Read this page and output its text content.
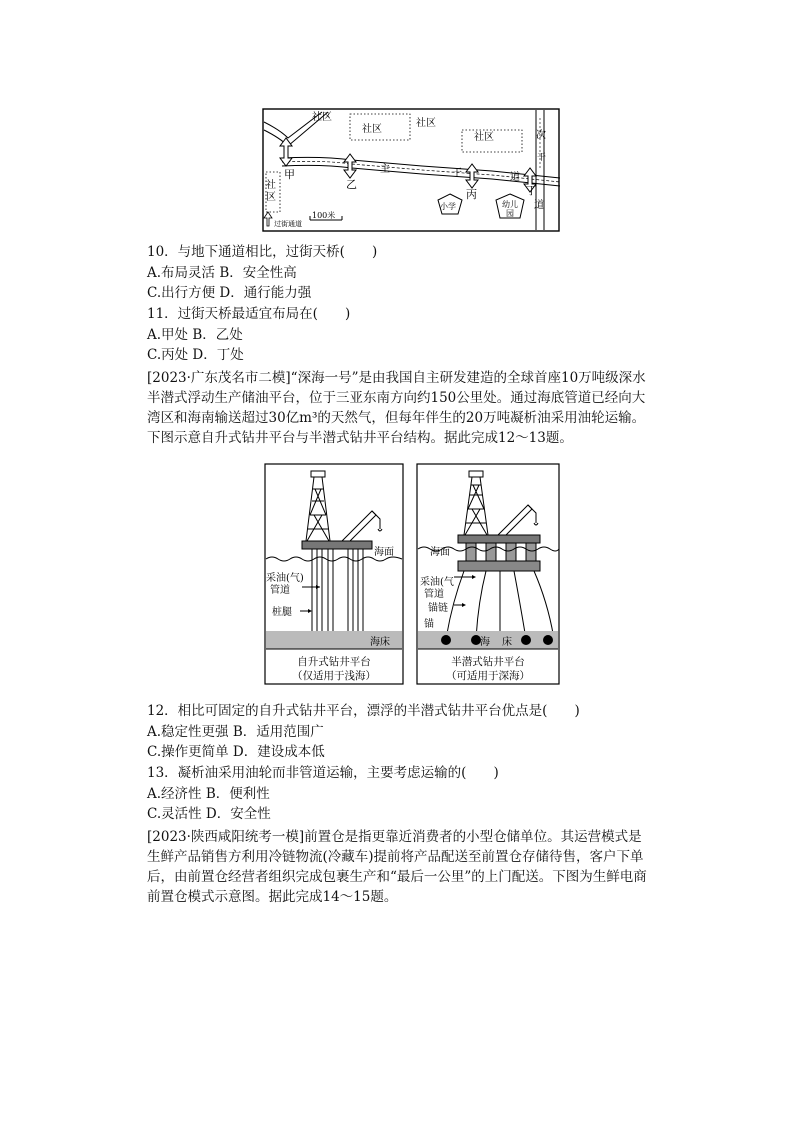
社区
社区
社区
社区
社
区
甲
乙
丙	丁
主	干	道
次
干
道
小学	幼儿
园
过街通道
100米
10．与地下通道相比，过街天桥(　　)
A.布局灵活 B．安全性高
C.出行方便 D．通行能力强
11．过街天桥最适宜布局在(　　)
A.甲处 B．乙处
C.丙处 D．丁处
[2023·广东茂名市二模]“深海一号”是由我国自主研发建造的全球首座10万吨级深水半潜式浮动生产储油平台，位于三亚东南方向约150公里处。通过海底管道已经向大湾区和海南输送超过30亿m³的天然气，但每年伴生的20万吨凝析油采用油轮运输。下图示意自升式钻井平台与半潜式钻井平台结构。据此完成12～13题。
海面
采油(气)
管道
桩腿
海床
自升式钻井平台
（仅适用于浅海）
海面
采油(气
管道
锚链
锚
海 床
半潜式钻井平台
（可适用于深海）
12．相比可固定的自升式钻井平台，漂浮的半潜式钻井平台优点是(　　)
A.稳定性更强 B．适用范围广
C.操作更简单 D．建设成本低
13．凝析油采用油轮而非管道运输，主要考虑运输的(　　)
A.经济性 B．便利性
C.灵活性 D．安全性
[2023·陕西咸阳统考一模]前置仓是指更靠近消费者的小型仓储单位。其运营模式是生鲜产品销售方利用冷链物流(冷藏车)提前将产品配送至前置仓存储待售，客户下单后，由前置仓经营者组织完成包裹生产和“最后一公里”的上门配送。下图为生鲜电商前置仓模式示意图。据此完成14～15题。
